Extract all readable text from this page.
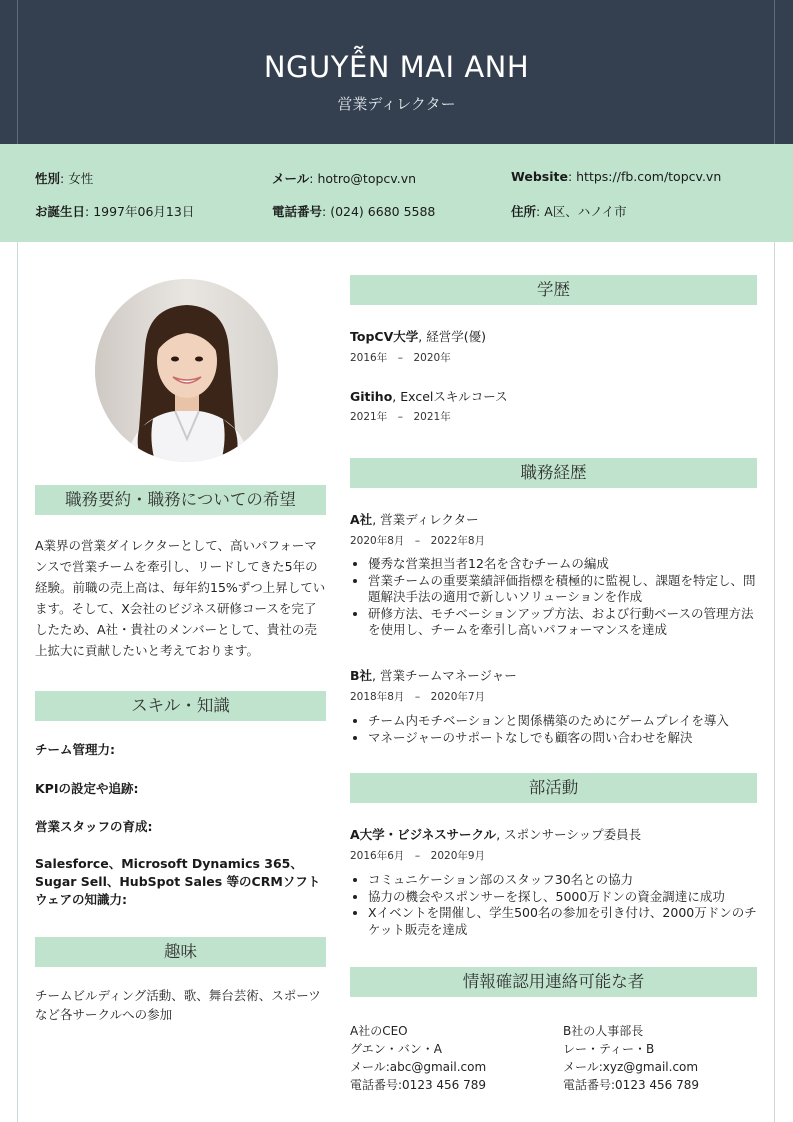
NGUYỄN MAI ANH
営業ディレクター
性別: 女性	メール: hotro@topcv.vn	Website: https://fb.com/topcv.vn
お誕生日: 1997年06月13日	電話番号: (024) 6680 5588	住所: A区、ハノイ市
職務要約・職務についての希望
A業界の営業ダイレクターとして、高いパフォーマンスで営業チームを牽引し、リードしてきた5年の経験。前職の売上高は、毎年約15%ずつ上昇しています。そして、X会社のビジネス研修コースを完了したため、A社・貴社のメンバーとして、貴社の売上拡大に貢献したいと考えております。
スキル・知識
チーム管理力:
KPIの設定や追跡:
営業スタッフの育成:
Salesforce、Microsoft Dynamics 365、Sugar Sell、HubSpot Sales 等のCRMソフトウェアの知識力:
趣味
チームビルディング活動、歌、舞台芸術、スポーツなど各サークルへの参加
学歴
TopCV大学, 経営学(優)
2016年　–　2020年
Gitiho, Excelスキルコース
2021年　–　2021年
職務経歴
A社, 営業ディレクター
2020年8月　–　2022年8月
• 優秀な営業担当者12名を含むチームの編成
• 営業チームの重要業績評価指標を積極的に監視し、課題を特定し、問題解決手法の適用で新しいソリューションを作成
• 研修方法、モチベーションアップ方法、および行動ベースの管理方法を使用し、チームを牽引し高いパフォーマンスを達成
B社, 営業チームマネージャー
2018年8月　–　2020年7月
• チーム内モチベーションと関係構築のためにゲームプレイを導入
• マネージャーのサポートなしでも顧客の問い合わせを解決
部活動
A大学・ビジネスサークル, スポンサーシップ委員長
2016年6月　–　2020年9月
• コミュニケーション部のスタッフ30名との協力
• 協力の機会やスポンサーを探し、5000万ドンの資金調達に成功
• Xイベントを開催し、学生500名の参加を引き付け、2000万ドンのチケット販売を達成
情報確認用連絡可能な者
A社のCEO
グエン・バン・A
メール:abc@gmail.com
電話番号:0123 456 789
B社の人事部長
レー・ティー・B
メール:xyz@gmail.com
電話番号:0123 456 789
